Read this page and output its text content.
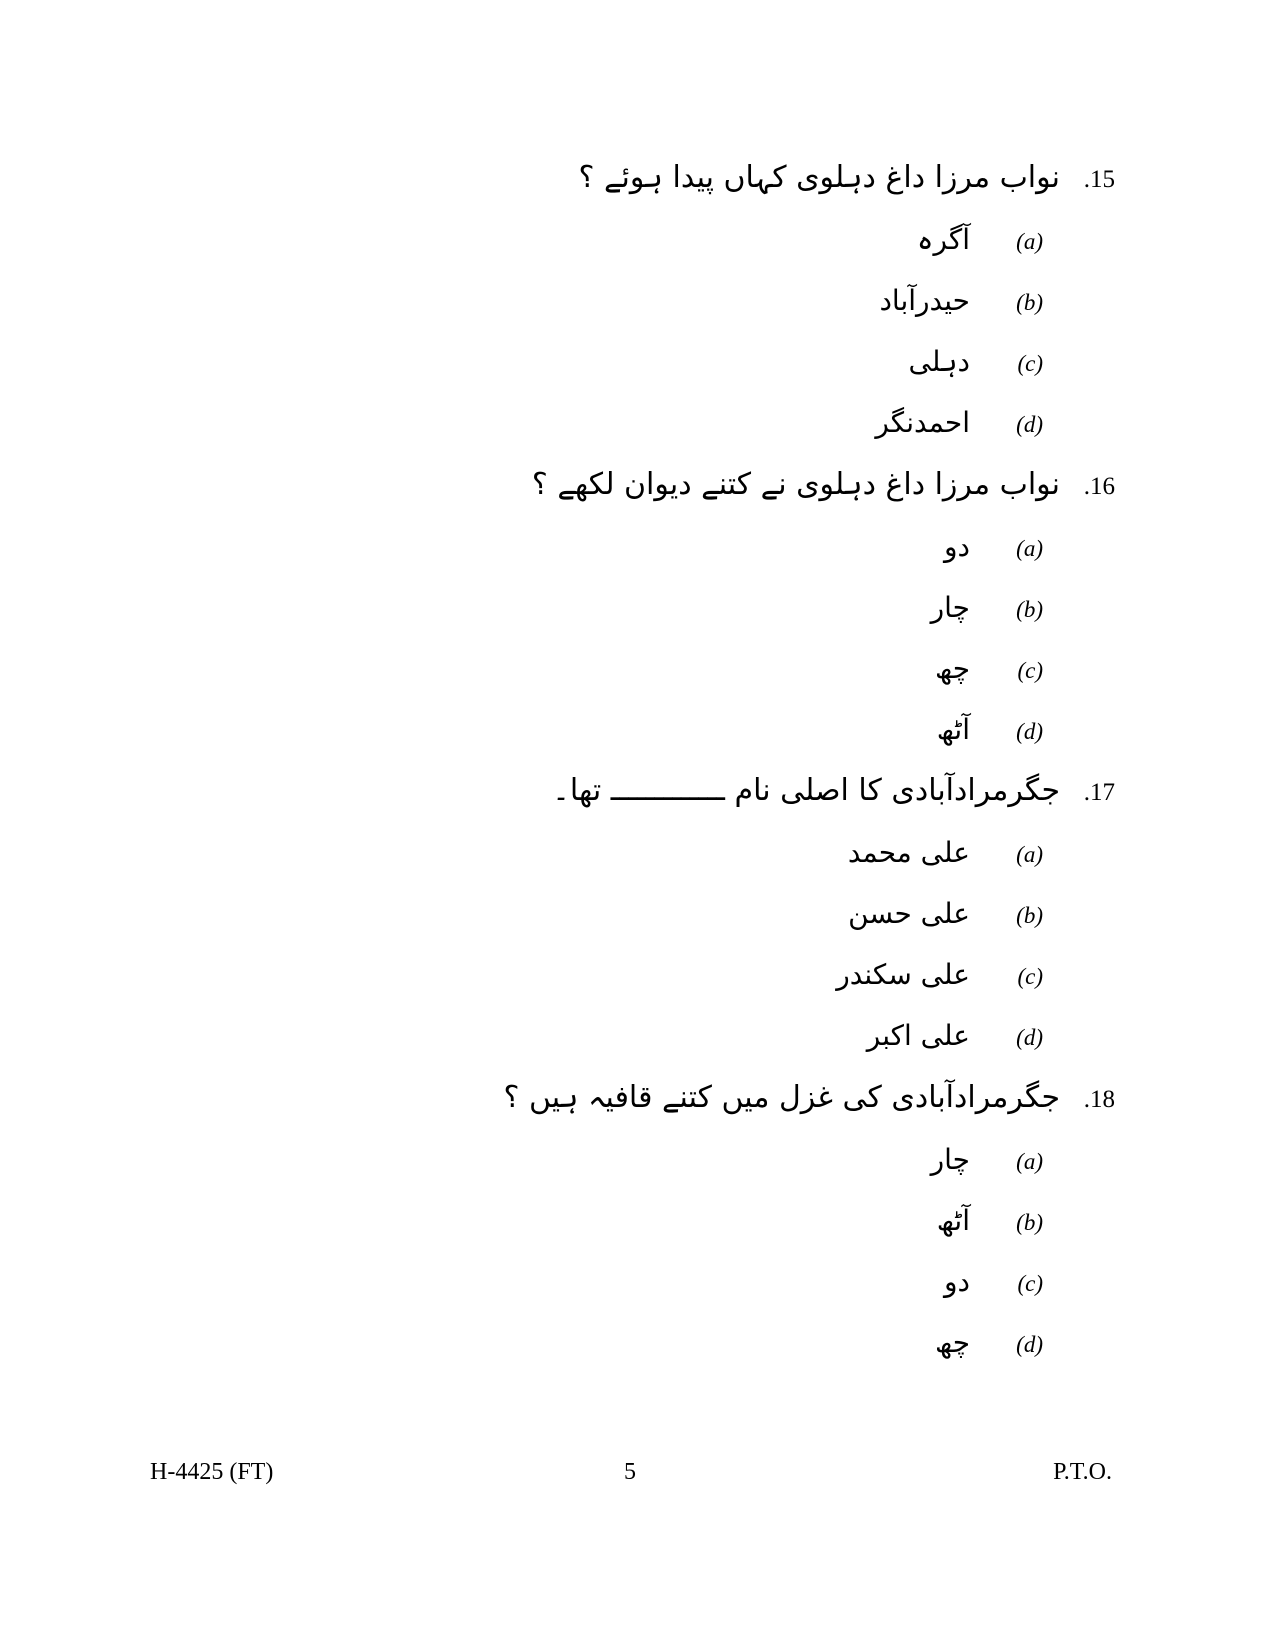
.15
نواب مرزا داغ دہلوی کہاں پیدا ہوئے ؟
(a)
آگرہ
(b)
حیدرآباد
(c)
دہلی
(d)
احمدنگر
.16
نواب مرزا داغ دہلوی نے کتنے دیوان لکھے ؟
(a)
دو
(b)
چار
(c)
چھ
(d)
آٹھ
.17
جگرمرادآبادی کا اصلی نام ـــــــــــــ تھا۔
(a)
علی محمد
(b)
علی حسن
(c)
علی سکندر
(d)
علی اکبر
.18
جگرمرادآبادی کی غزل میں کتنے قافیہ ہیں ؟
(a)
چار
(b)
آٹھ
(c)
دو
(d)
چھ
H-4425 (FT)	5	P.T.O.
